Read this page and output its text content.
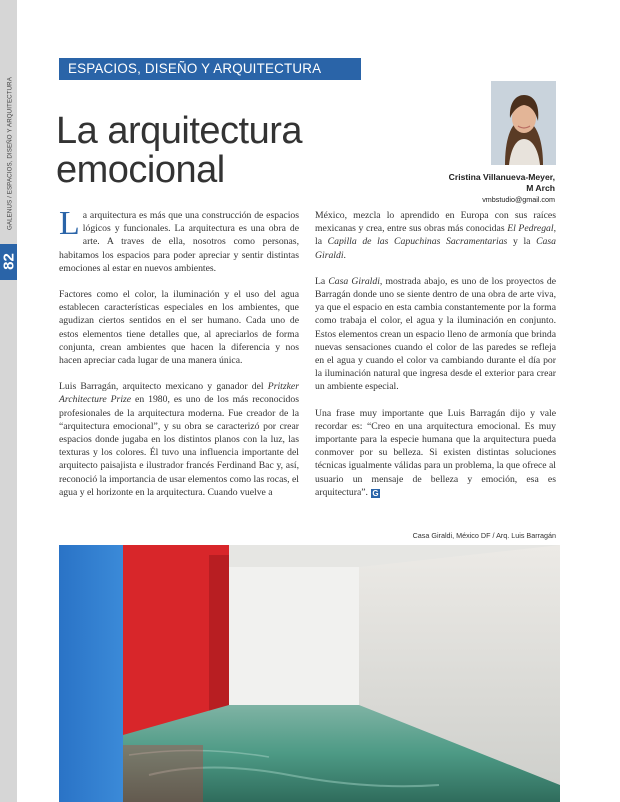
GALENUS / ESPACIOS, DISEÑO Y ARQUITECTURA
82
ESPACIOS, DISEÑO Y ARQUITECTURA
La arquitectura
emocional	Cristina Villanueva-Meyer,
M Arch
vmbstudio@gmail.com

La arquitectura es más que una construcción de espacios lógicos y funcionales. La arquitectura es una obra de arte. A traves de ella, nosotros como personas, habitamos los espacios para poder apreciar y sentir distintas emociones al estar en nuevos ambientes.

Factores como el color, la iluminación y el uso del agua establecen características especiales en los ambientes, que agudizan ciertos sentidos en el ser humano. Cada uno de estos elementos tiene detalles que, al apreciarlos de forma conjunta, crean ambientes que hacen la diferencia y nos hacen apreciar cada lugar de una manera única.

Luis Barragán, arquitecto mexicano y ganador del Pritzker Architecture Prize en 1980, es uno de los más reconocidos profesionales de la arquitectura moderna. Fue creador de la “arquitectura emocional”, y su obra se caracterizó por crear espacios donde jugaba en los distintos planos con la luz, las texturas y los colores. Él tuvo una influencia importante del arquitecto paisajista e ilustrador francés Ferdinand Bac y, así, reconoció la importancia de usar elementos como las rocas, el agua y el horizonte en la arquitectura. Cuando vuelve a

México, mezcla lo aprendido en Europa con sus raíces mexicanas y crea, entre sus obras más conocidas El Pedregal, la Capilla de las Capuchinas Sacramentarias y la Casa Giraldi.

La Casa Giraldi, mostrada abajo, es uno de los proyectos de Barragán donde uno se siente dentro de una obra de arte viva, ya que el espacio en esta cambia constantemente por la forma como trabaja el color, el agua y la iluminación en conjunto. Estos elementos crean un espacio lleno de armonía que brinda nuevas sensaciones cuando el color de las paredes se refleja en el agua y cuando el color va cambiando durante el día por la iluminación natural que ingresa desde el exterior para crear un ambiente especial.

Una frase muy importante que Luis Barragán dijo y vale recordar es: “Creo en una arquitectura emocional. Es muy importante para la especie humana que la arquitectura pueda conmover por su belleza. Si existen distintas soluciones técnicas igualmente válidas para un problema, la que ofrece al usuario un mensaje de belleza y emoción, esa es arquitectura”. G

Casa Giraldi, México DF / Arq. Luis Barragán
